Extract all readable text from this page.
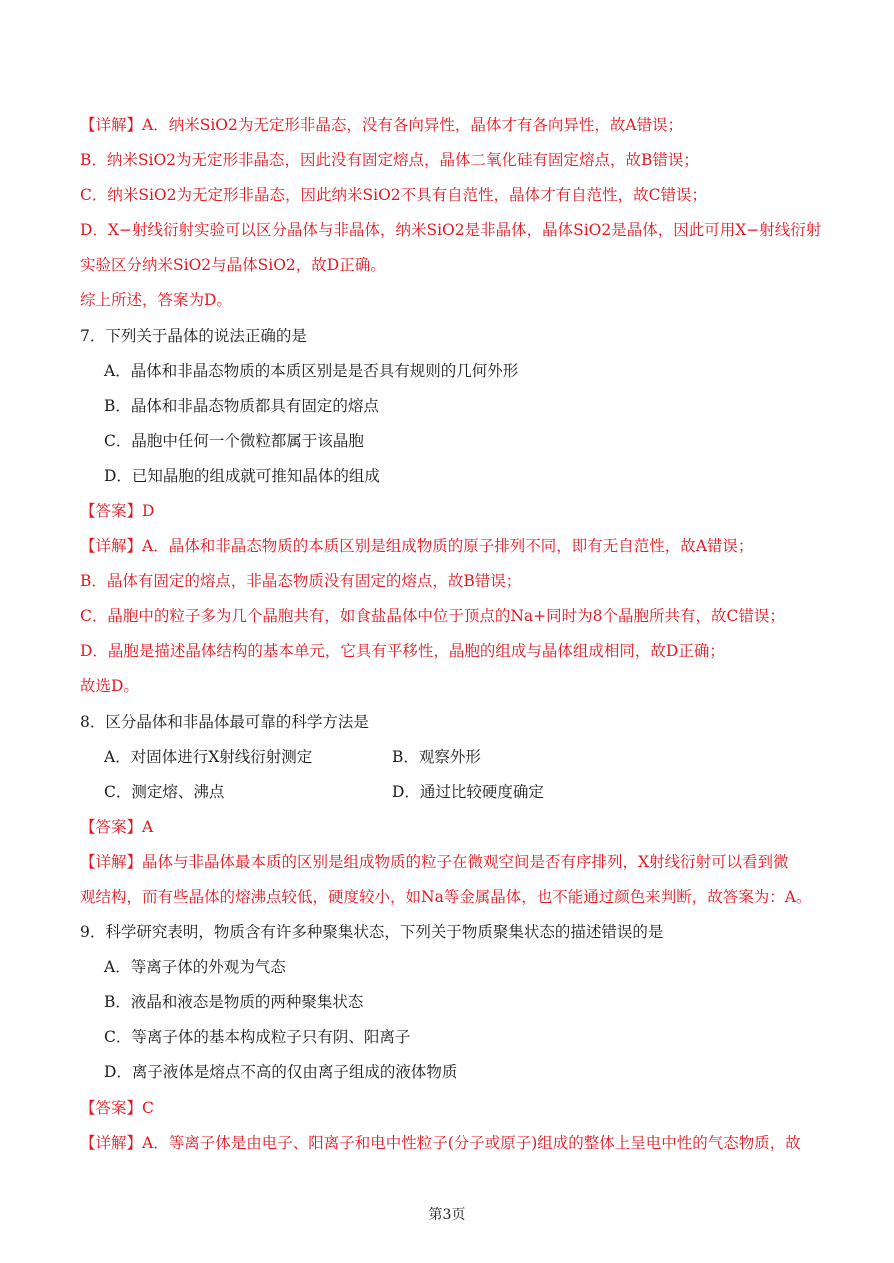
【详解】A．纳米SiO2为无定形非晶态，没有各向异性，晶体才有各向异性，故A错误；
B．纳米SiO2为无定形非晶态，因此没有固定熔点，晶体二氧化硅有固定熔点，故B错误；
C．纳米SiO2为无定形非晶态，因此纳米SiO2不具有自范性，晶体才有自范性，故C错误；
D．X−射线衍射实验可以区分晶体与非晶体，纳米SiO2是非晶体，晶体SiO2是晶体，因此可用X−射线衍射
实验区分纳米SiO2与晶体SiO2，故D正确。
综上所述，答案为D。
7．下列关于晶体的说法正确的是
A．晶体和非晶态物质的本质区别是是否具有规则的几何外形
B．晶体和非晶态物质都具有固定的熔点
C．晶胞中任何一个微粒都属于该晶胞
D．已知晶胞的组成就可推知晶体的组成
【答案】D
【详解】A．晶体和非晶态物质的本质区别是组成物质的原子排列不同，即有无自范性，故A错误；
B．晶体有固定的熔点，非晶态物质没有固定的熔点，故B错误；
C．晶胞中的粒子多为几个晶胞共有，如食盐晶体中位于顶点的Na+同时为8个晶胞所共有，故C错误；
D．晶胞是描述晶体结构的基本单元，它具有平移性，晶胞的组成与晶体组成相同，故D正确；
故选D。
8．区分晶体和非晶体最可靠的科学方法是
A．对固体进行X射线衍射测定	B．观察外形
C．测定熔、沸点	D．通过比较硬度确定
【答案】A
【详解】晶体与非晶体最本质的区别是组成物质的粒子在微观空间是否有序排列，X射线衍射可以看到微
观结构，而有些晶体的熔沸点较低，硬度较小，如Na等金属晶体，也不能通过颜色来判断，故答案为：A。
9．科学研究表明，物质含有许多种聚集状态，下列关于物质聚集状态的描述错误的是
A．等离子体的外观为气态
B．液晶和液态是物质的两种聚集状态
C．等离子体的基本构成粒子只有阴、阳离子
D．离子液体是熔点不高的仅由离子组成的液体物质
【答案】C
【详解】A．等离子体是由电子、阳离子和电中性粒子(分子或原子)组成的整体上呈电中性的气态物质，故
第3页
